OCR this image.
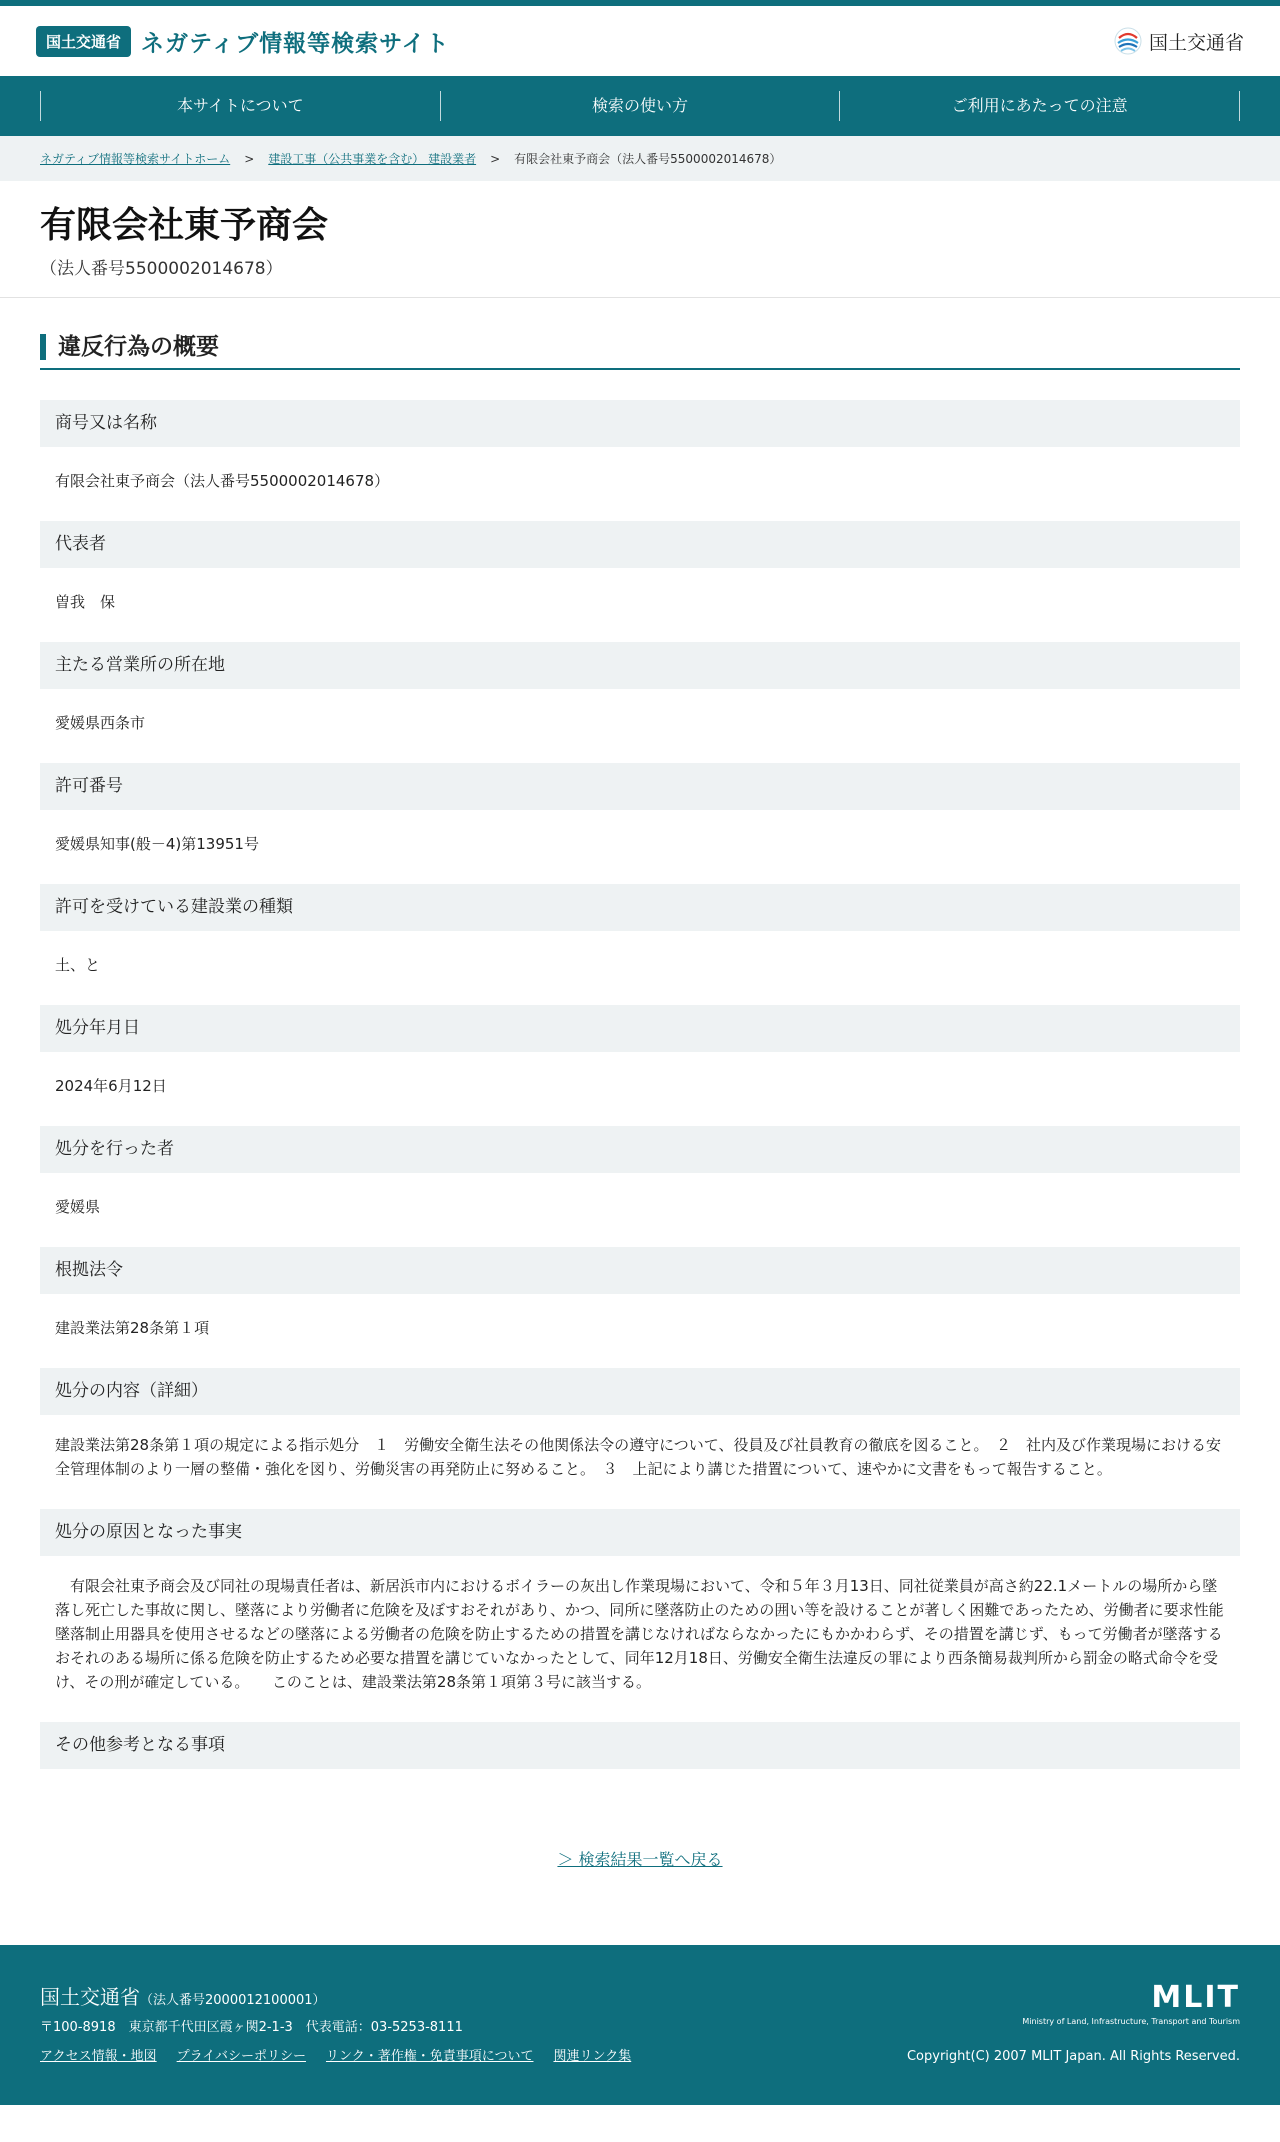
国土交通省 ネガティブ情報等検索サイト	国土交通省
本サイトについて	検索の使い方	ご利用にあたっての注意
ネガティブ情報等検索サイトホーム > 建設工事（公共事業を含む） 建設業者 > 有限会社東予商会（法人番号5500002014678）
有限会社東予商会
（法人番号5500002014678）
違反行為の概要
商号又は名称
有限会社東予商会（法人番号5500002014678）
代表者
曽我　保
主たる営業所の所在地
愛媛県西条市
許可番号
愛媛県知事(般－4)第13951号
許可を受けている建設業の種類
土、と
処分年月日
2024年6月12日
処分を行った者
愛媛県
根拠法令
建設業法第28条第１項
処分の内容（詳細）
建設業法第28条第１項の規定による指示処分　１　労働安全衛生法その他関係法令の遵守について、役員及び社員教育の徹底を図ること。　２　社内及び作業現場における安全管理体制のより一層の整備・強化を図り、労働災害の再発防止に努めること。　３　上記により講じた措置について、速やかに文書をもって報告すること。
処分の原因となった事実
　有限会社東予商会及び同社の現場責任者は、新居浜市内におけるボイラーの灰出し作業現場において、令和５年３月13日、同社従業員が高さ約22.1メートルの場所から墜落し死亡した事故に関し、墜落により労働者に危険を及ぼすおそれがあり、かつ、同所に墜落防止のための囲い等を設けることが著しく困難であったため、労働者に要求性能墜落制止用器具を使用させるなどの墜落による労働者の危険を防止するための措置を講じなければならなかったにもかかわらず、その措置を講じず、もって労働者が墜落するおそれのある場所に係る危険を防止するため必要な措置を講じていなかったとして、同年12月18日、労働安全衛生法違反の罪により西条簡易裁判所から罰金の略式命令を受け、その刑が確定している。　　このことは、建設業法第28条第１項第３号に該当する。
その他参考となる事項
＞ 検索結果一覧へ戻る
国土交通省（法人番号2000012100001）
〒100-8918　東京都千代田区霞ヶ関2-1-3　代表電話：03-5253-8111
アクセス情報・地図 プライバシーポリシー リンク・著作権・免責事項について 関連リンク集
MLIT
Ministry of Land, Infrastructure, Transport and Tourism
Copyright(C) 2007 MLIT Japan. All Rights Reserved.
